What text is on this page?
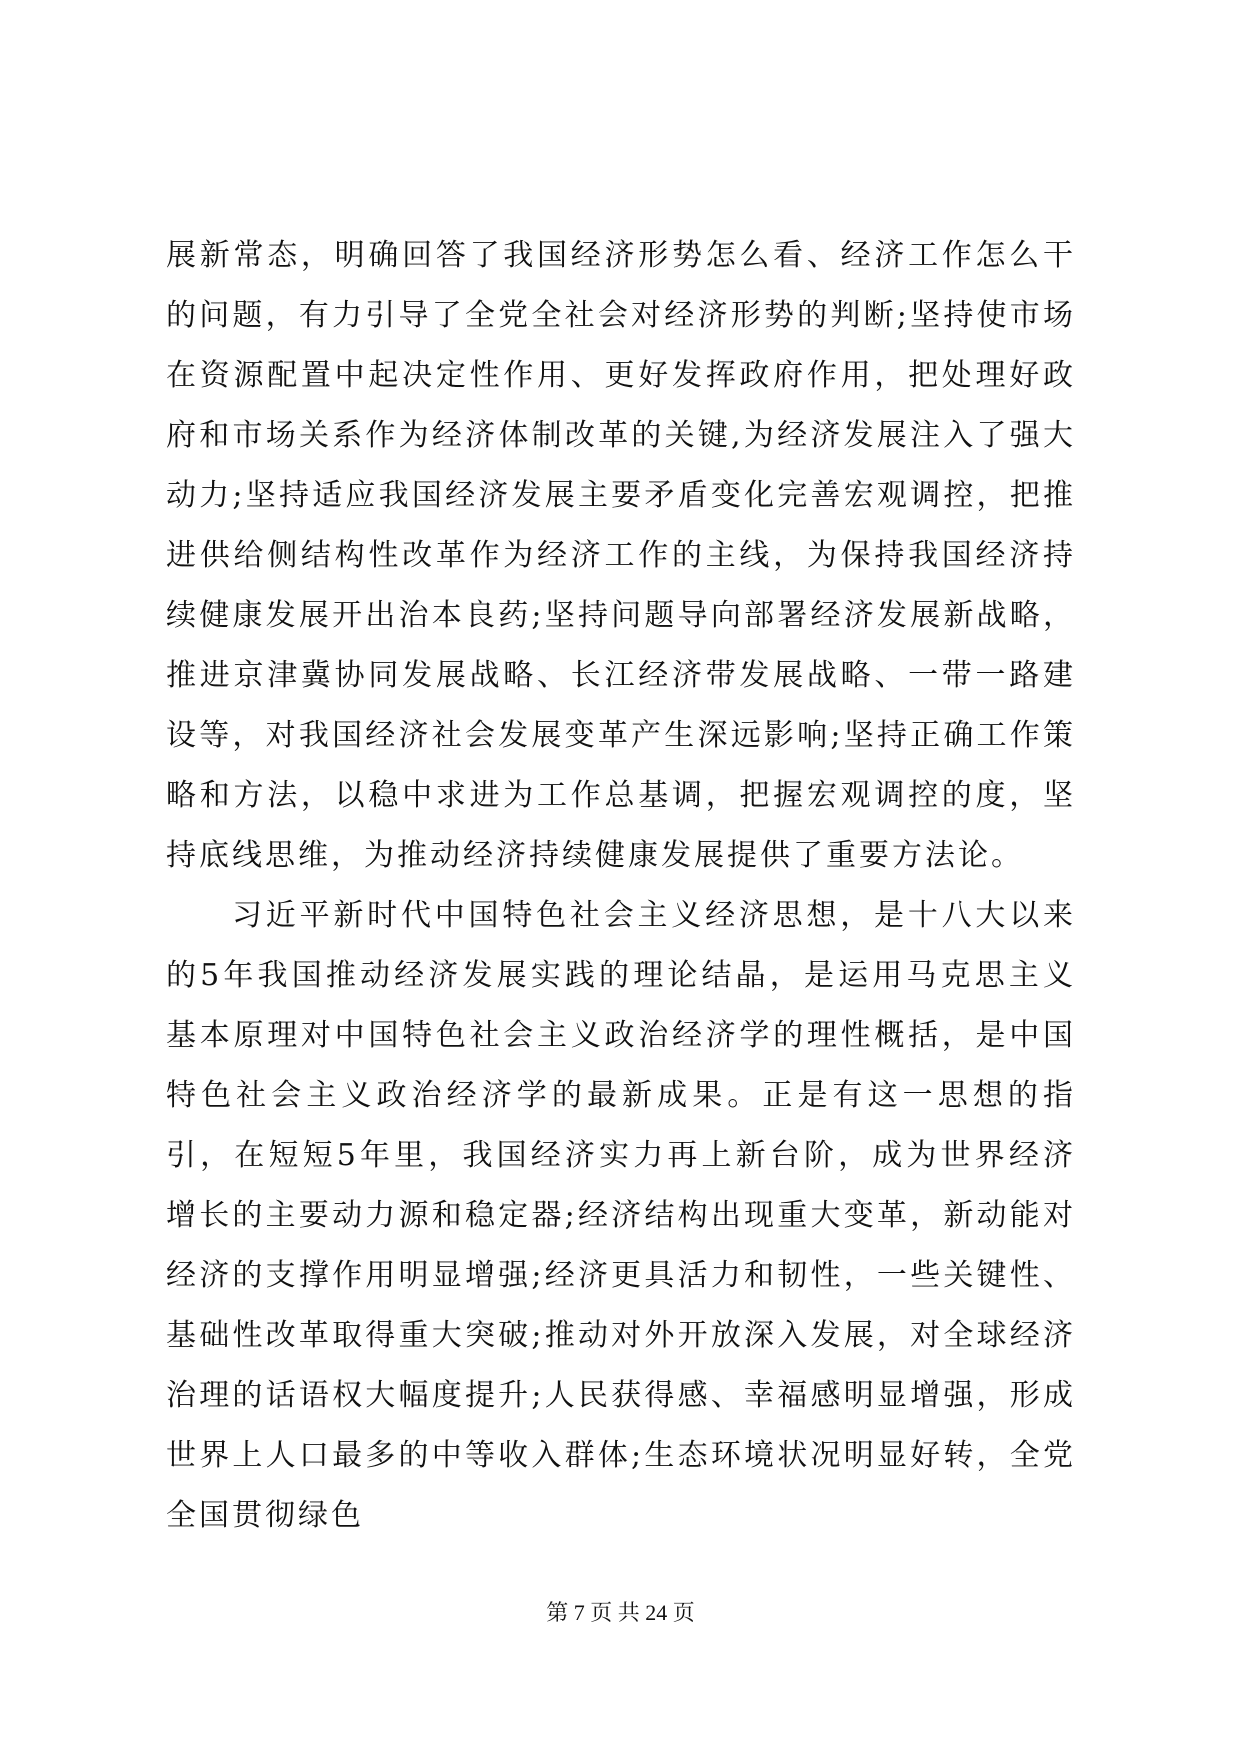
展新常态，明确回答了我国经济形势怎么看、经济工作怎么干的问题，有力引导了全党全社会对经济形势的判断;坚持使市场在资源配置中起决定性作用、更好发挥政府作用，把处理好政府和市场关系作为经济体制改革的关键,为经济发展注入了强大动力;坚持适应我国经济发展主要矛盾变化完善宏观调控，把推进供给侧结构性改革作为经济工作的主线，为保持我国经济持续健康发展开出治本良药;坚持问题导向部署经济发展新战略，推进京津冀协同发展战略、长江经济带发展战略、一带一路建设等，对我国经济社会发展变革产生深远影响;坚持正确工作策略和方法，以稳中求进为工作总基调，把握宏观调控的度，坚持底线思维，为推动经济持续健康发展提供了重要方法论。

习近平新时代中国特色社会主义经济思想，是十八大以来的5年我国推动经济发展实践的理论结晶，是运用马克思主义基本原理对中国特色社会主义政治经济学的理性概括，是中国特色社会主义政治经济学的最新成果。正是有这一思想的指引，在短短5年里，我国经济实力再上新台阶，成为世界经济增长的主要动力源和稳定器;经济结构出现重大变革，新动能对经济的支撑作用明显增强;经济更具活力和韧性，一些关键性、基础性改革取得重大突破;推动对外开放深入发展，对全球经济治理的话语权大幅度提升;人民获得感、幸福感明显增强，形成世界上人口最多的中等收入群体;生态环境状况明显好转，全党全国贯彻绿色

第 7 页 共 24 页
